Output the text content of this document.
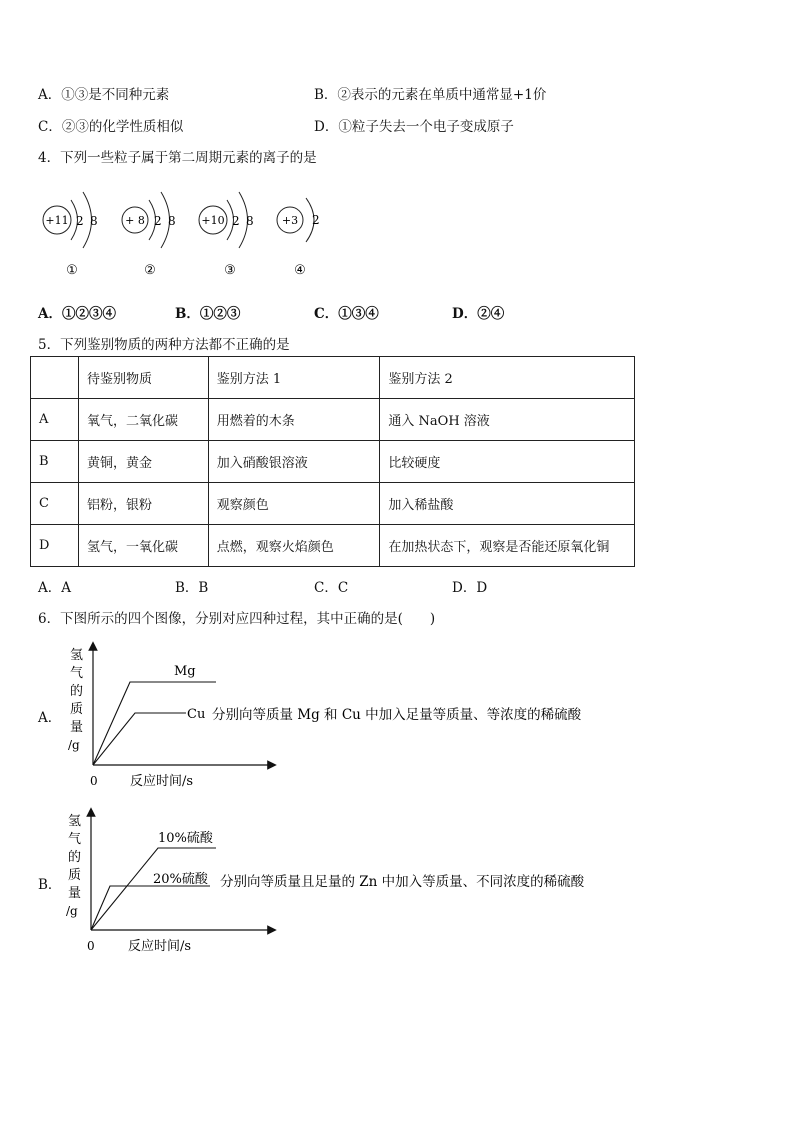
A．①③是不同种元素	B．②表示的元素在单质中通常显+1价
C．②③的化学性质相似	D．①粒子失去一个电子变成原子
4．下列一些粒子属于第二周期元素的离子的是
+11 2 8
①
+ 8 2 8
②
+10 2 8
③
+3 2
④
A．①②③④	B．①②③	C．①③④	D．②④
5．下列鉴别物质的两种方法都不正确的是
	待鉴别物质	鉴别方法 1	鉴别方法 2
A	氧气，二氧化碳	用燃着的木条	通入 NaOH 溶液
B	黄铜，黄金	加入硝酸银溶液	比较硬度
C	铝粉，银粉	观察颜色	加入稀盐酸
D	氢气，一氧化碳	点燃，观察火焰颜色	在加热状态下，观察是否能还原氧化铜
A．A	B．B	C．C	D．D
6．下图所示的四个图像，分别对应四种过程，其中正确的是(　　)
A．
氢
气
的
质
量
/g
0 反应时间/s
Mg
Cu 分别向等质量 Mg 和 Cu 中加入足量等质量、等浓度的稀硫酸
B．
氢
气
的
质
量
/g
0	反应时间/s
10%硫酸
20%硫酸 分别向等质量且足量的 Zn 中加入等质量、不同浓度的稀硫酸
